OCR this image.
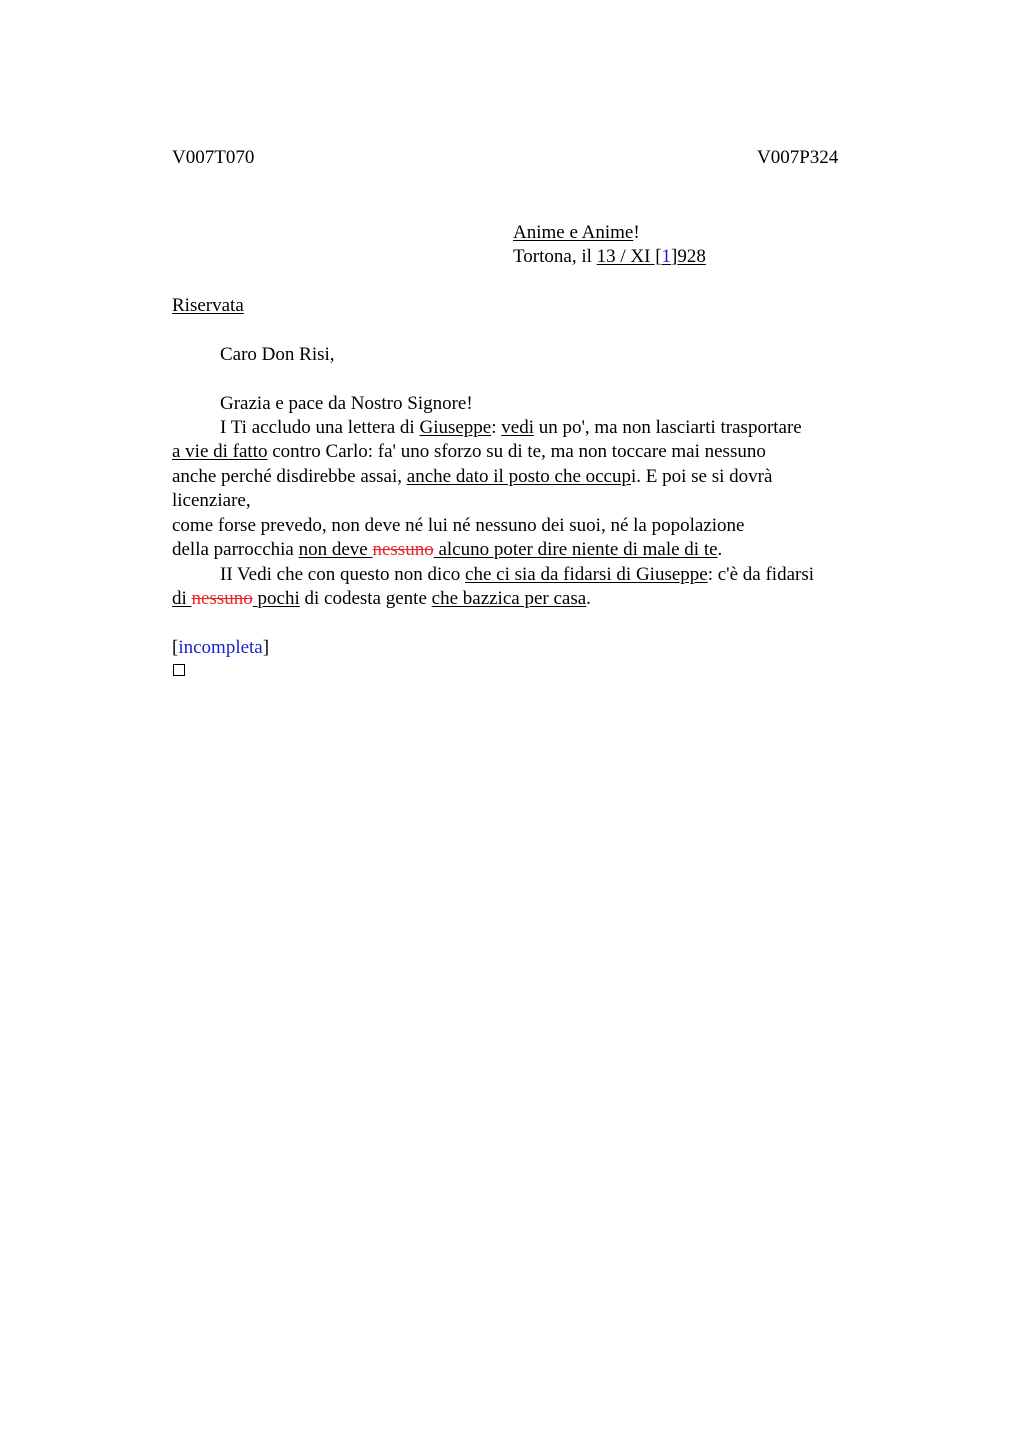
V007T070	V007P324
Anime e Anime!
Tortona, il 13 / XI [1]928
Riservata
Caro Don Risi,
Grazia e pace da Nostro Signore!
I Ti accludo una lettera di Giuseppe: vedi un po', ma non lasciarti trasportare
a vie di fatto contro Carlo: fa' uno sforzo su di te, ma non toccare mai nessuno
anche perché disdirebbe assai, anche dato il posto che occupi. E poi se si dovrà
licenziare,
come forse prevedo, non deve né lui né nessuno dei suoi, né la popolazione
della parrocchia non deve nessuno alcuno poter dire niente di male di te.
II Vedi che con questo non dico che ci sia da fidarsi di Giuseppe: c'è da fidarsi
di nessuno pochi di codesta gente che bazzica per casa.
[incompleta]
